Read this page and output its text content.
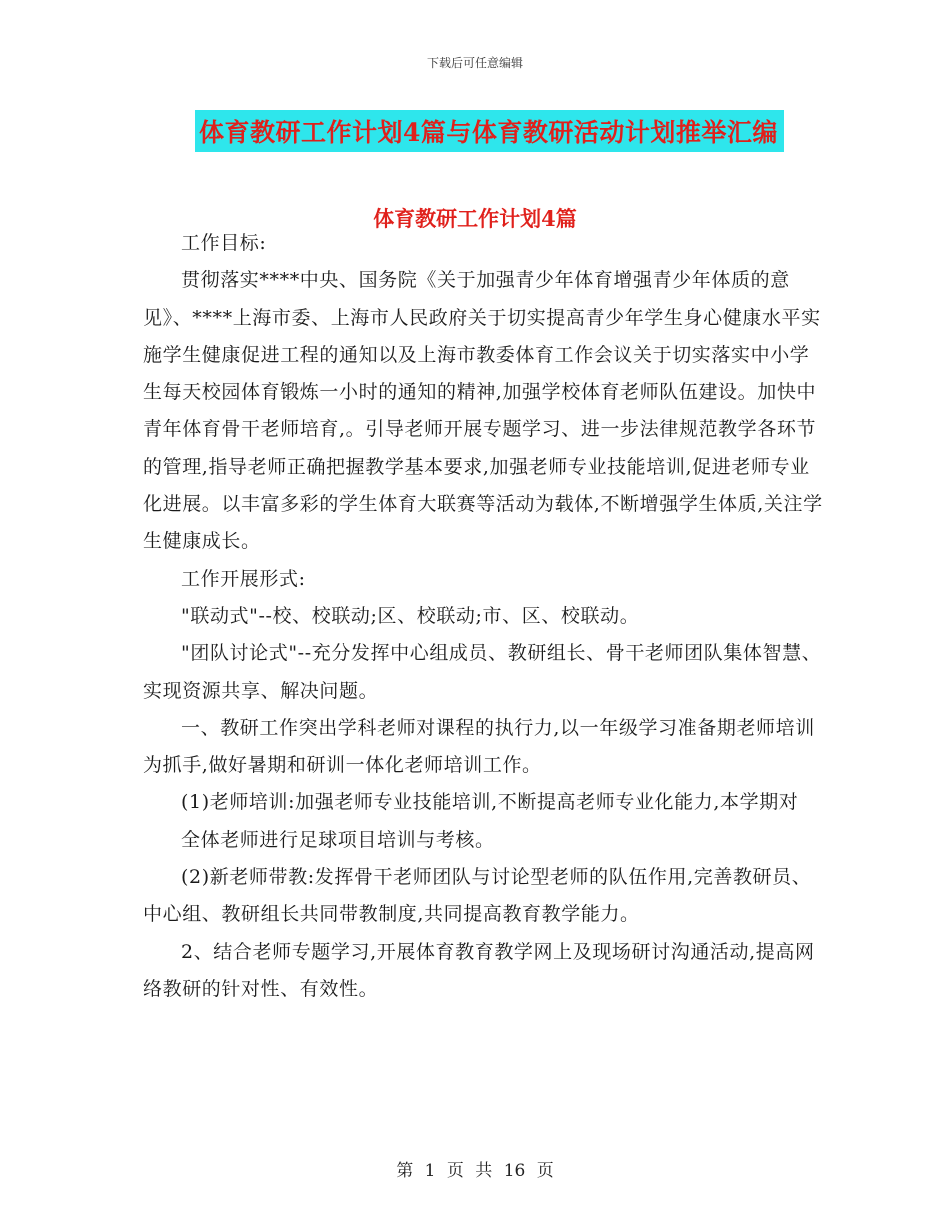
下载后可任意编辑
体育教研工作计划4篇与体育教研活动计划推举汇编
体育教研工作计划4篇

工作目标:

贯彻落实****中央、国务院《关于加强青少年体育增强青少年体质的意见》、****上海市委、上海市人民政府关于切实提高青少年学生身心健康水平实施学生健康促进工程的通知以及上海市教委体育工作会议关于切实落实中小学生每天校园体育锻炼一小时的通知的精神,加强学校体育老师队伍建设。加快中青年体育骨干老师培育,。引导老师开展专题学习、进一步法律规范教学各环节的管理,指导老师正确把握教学基本要求,加强老师专业技能培训,促进老师专业化进展。以丰富多彩的学生体育大联赛等活动为载体,不断增强学生体质,关注学生健康成长。

工作开展形式:

"联动式"--校、校联动;区、校联动;市、区、校联动。

"团队讨论式"--充分发挥中心组成员、教研组长、骨干老师团队集体智慧、实现资源共享、解决问题。

一、教研工作突出学科老师对课程的执行力,以一年级学习准备期老师培训为抓手,做好暑期和研训一体化老师培训工作。

(1)老师培训:加强老师专业技能培训,不断提高老师专业化能力,本学期对

全体老师进行足球项目培训与考核。

(2)新老师带教:发挥骨干老师团队与讨论型老师的队伍作用,完善教研员、中心组、教研组长共同带教制度,共同提高教育教学能力。

2、结合老师专题学习,开展体育教育教学网上及现场研讨沟通活动,提高网络教研的针对性、有效性。

第 1 页 共 16 页
